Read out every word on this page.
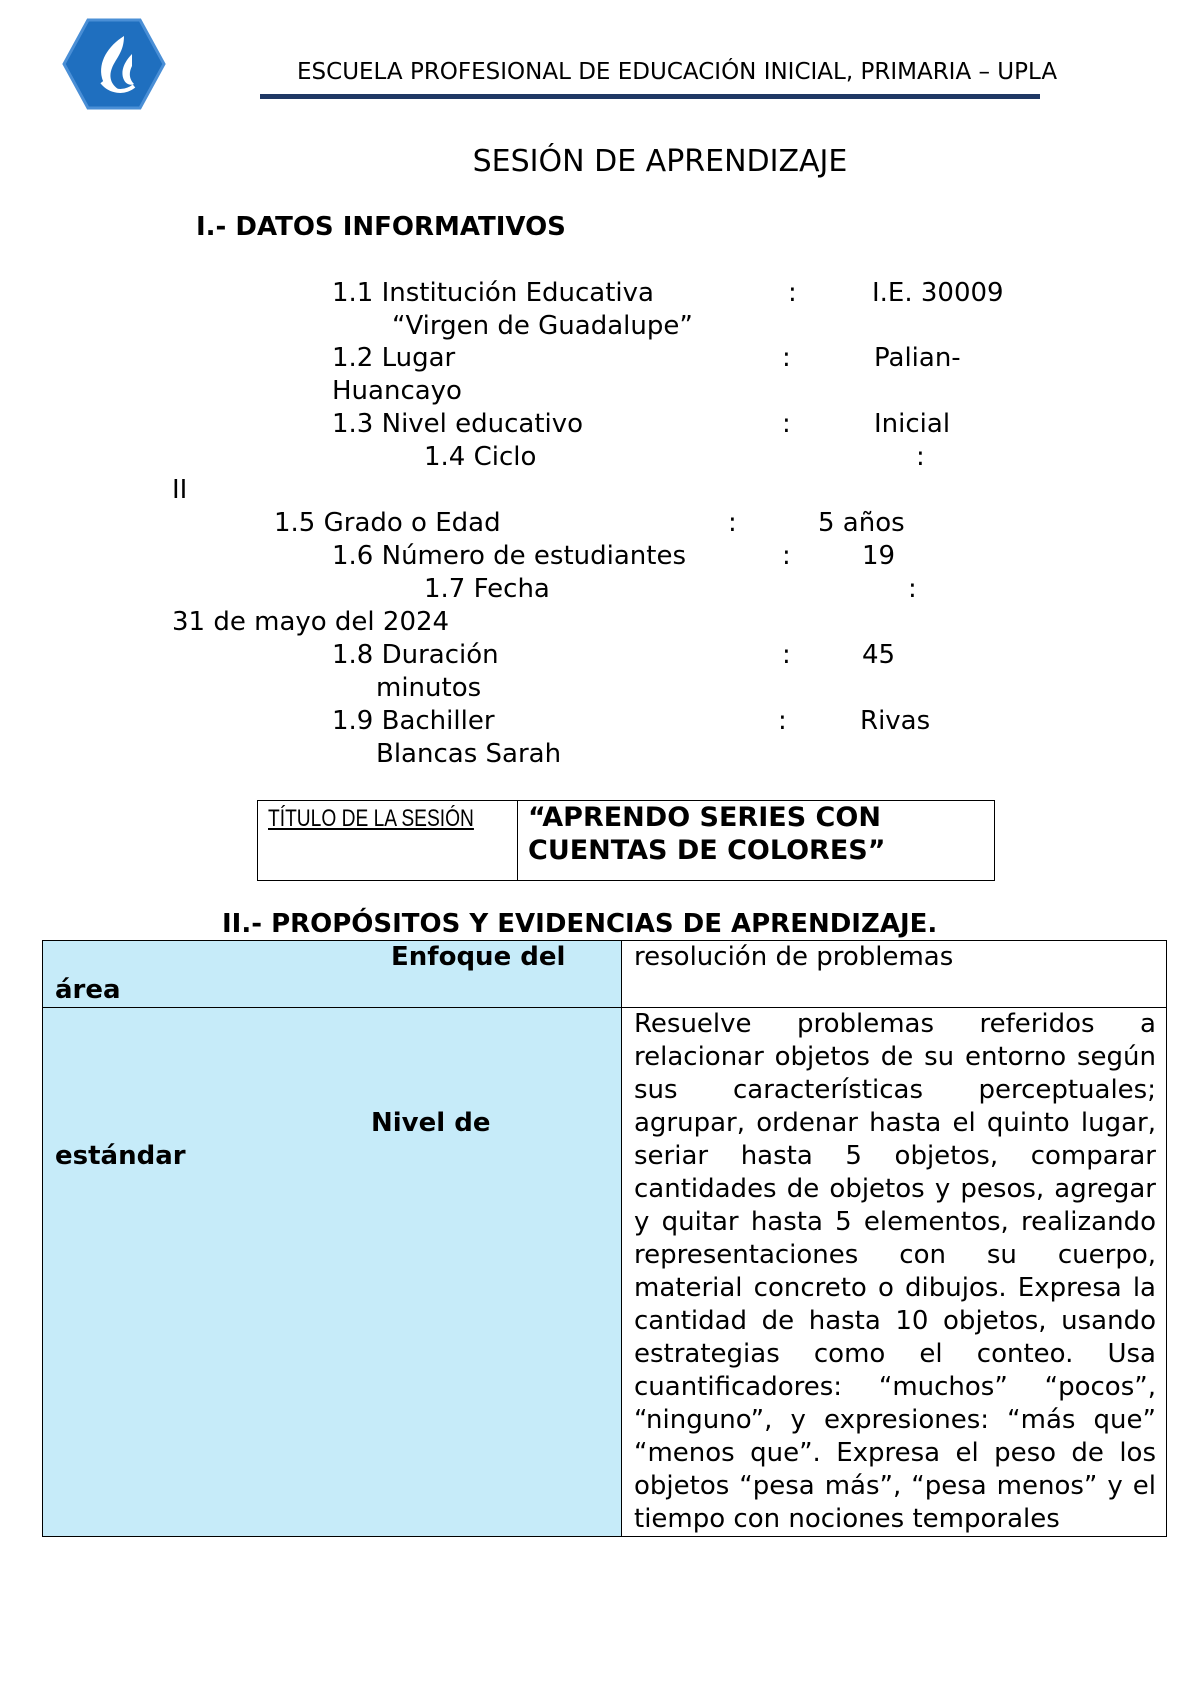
ESCUELA PROFESIONAL DE EDUCACIÓN INICIAL, PRIMARIA – UPLA
SESIÓN DE APRENDIZAJE
I.- DATOS INFORMATIVOS
1.1 Institución Educativa	:	I.E. 30009
“Virgen de Guadalupe”
1.2 Lugar	:	Palian-
Huancayo
1.3 Nivel educativo	:	Inicial
1.4 Ciclo	:
II
1.5 Grado o Edad	:	5 años
1.6 Número de estudiantes	:	19
1.7 Fecha	:
31 de mayo del 2024
1.8 Duración	:	45
minutos
1.9 Bachiller	:	Rivas
Blancas Sarah
TÍTULO DE LA SESIÓN “APRENDO SERIES CON
CUENTAS DE COLORES”
II.- PROPÓSITOS Y EVIDENCIAS DE APRENDIZAJE.
Enfoque del
área	resolución de problemas

Nivel de
estándar	Resuelve problemas referidos a relacionar objetos de su entorno según sus características perceptuales; agrupar, ordenar hasta el quinto lugar, seriar hasta 5 objetos, comparar cantidades de objetos y pesos, agregar y quitar hasta 5 elementos, realizando representaciones con su cuerpo, material concreto o dibujos. Expresa la cantidad de hasta 10 objetos, usando estrategias como el conteo. Usa cuantificadores: “muchos” “pocos”, “ninguno”, y expresiones: “más que” “menos que”. Expresa el peso de los objetos “pesa más”, “pesa menos” y el tiempo con nociones temporales
